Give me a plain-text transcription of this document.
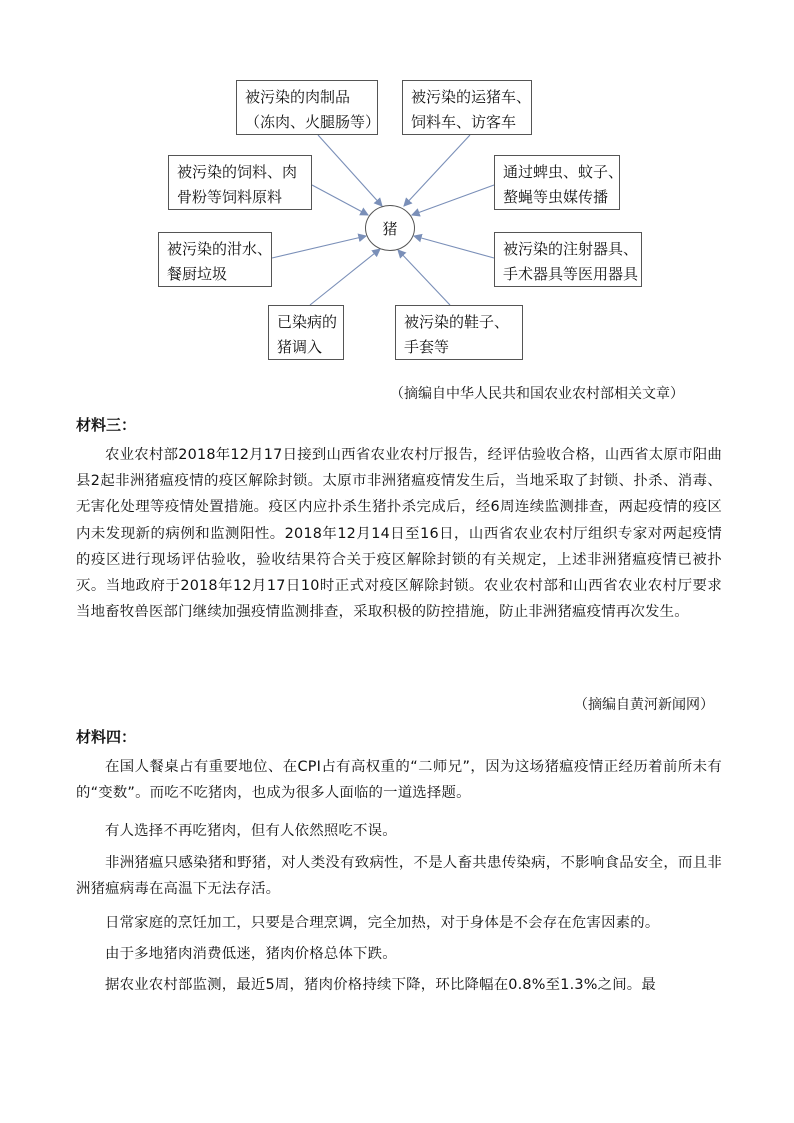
被污染的肉制品
（冻肉、火腿肠等）
被污染的运猪车、
饲料车、访客车
被污染的饲料、肉
骨粉等饲料原料
通过蜱虫、蚊子、
螯蝇等虫媒传播
被污染的泔水、
餐厨垃圾
被污染的注射器具、
手术器具等医用器具
已染病的
猪调入
被污染的鞋子、
手套等
猪
（摘编自中华人民共和国农业农村部相关文章）
材料三：
农业农村部2018年12月17日接到山西省农业农村厅报告，经评估验收合格，山西省太原市阳曲县2起非洲猪瘟疫情的疫区解除封锁。太原市非洲猪瘟疫情发生后，当地采取了封锁、扑杀、消毒、无害化处理等疫情处置措施。疫区内应扑杀生猪扑杀完成后，经6周连续监测排查，两起疫情的疫区内未发现新的病例和监测阳性。2018年12月14日至16日，山西省农业农村厅组织专家对两起疫情的疫区进行现场评估验收，验收结果符合关于疫区解除封锁的有关规定，上述非洲猪瘟疫情已被扑灭。当地政府于2018年12月17日10时正式对疫区解除封锁。农业农村部和山西省农业农村厅要求当地畜牧兽医部门继续加强疫情监测排查，采取积极的防控措施，防止非洲猪瘟疫情再次发生。
（摘编自黄河新闻网）
材料四：
在国人餐桌占有重要地位、在CPI占有高权重的“二师兄”，因为这场猪瘟疫情正经历着前所未有的“变数”。而吃不吃猪肉，也成为很多人面临的一道选择题。
有人选择不再吃猪肉，但有人依然照吃不误。
非洲猪瘟只感染猪和野猪，对人类没有致病性，不是人畜共患传染病，不影响食品安全，而且非洲猪瘟病毒在高温下无法存活。
日常家庭的烹饪加工，只要是合理烹调，完全加热，对于身体是不会存在危害因素的。
由于多地猪肉消费低迷，猪肉价格总体下跌。
据农业农村部监测，最近5周，猪肉价格持续下降，环比降幅在0.8%至1.3%之间。最
